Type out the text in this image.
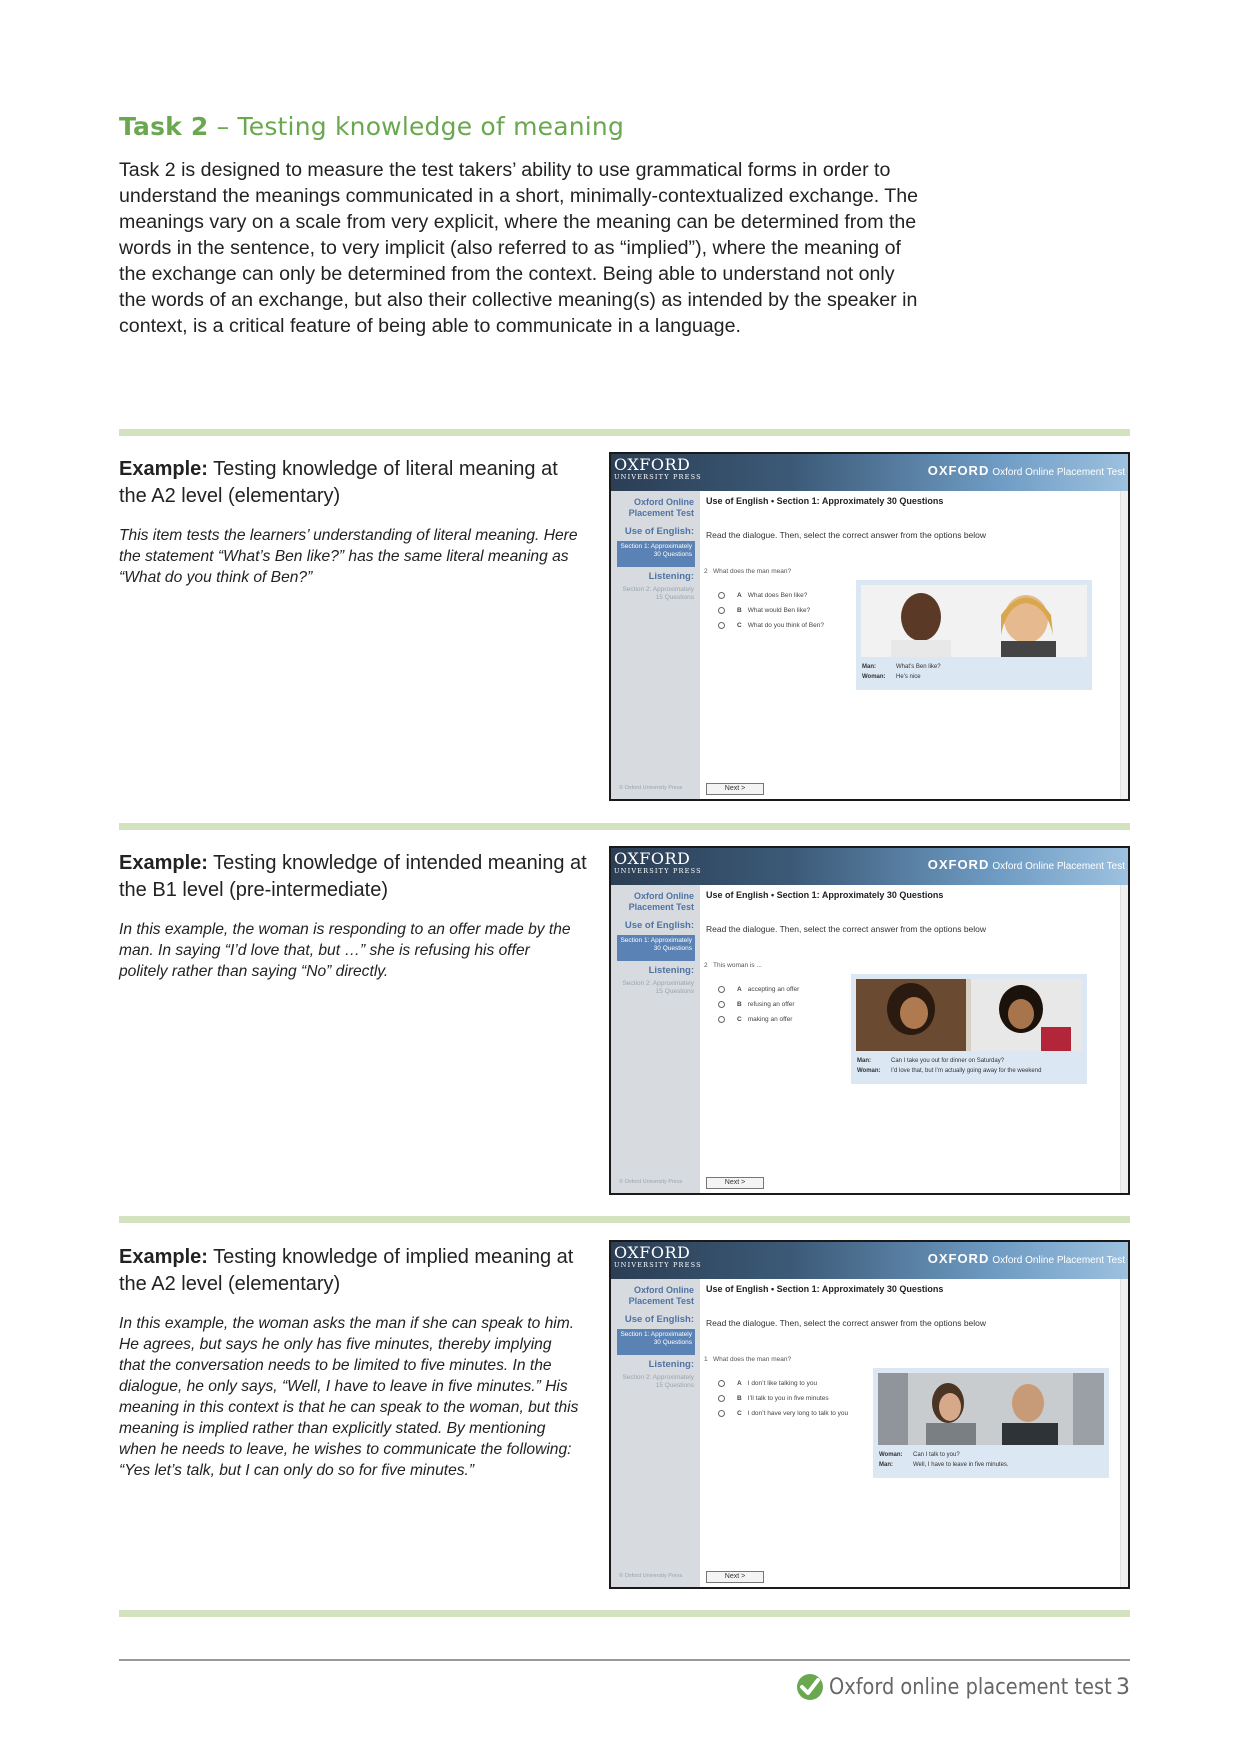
Task 2 – Testing knowledge of meaning

Task 2 is designed to measure the test takers’ ability to use grammatical forms in order to understand the meanings communicated in a short, minimally-contextualized exchange. The meanings vary on a scale from very explicit, where the meaning can be determined from the words in the sentence, to very implicit (also referred to as “implied”), where the meaning of the exchange can only be determined from the context. Being able to understand not only the words of an exchange, but also their collective meaning(s) as intended by the speaker in context, is a critical feature of being able to communicate in a language.

Example: Testing knowledge of literal meaning at the A2 level (elementary)

This item tests the learners’ understanding of literal meaning. Here the statement “What’s Ben like?” has the same literal meaning as “What do you think of Ben?”

OXFORD
UNIVERSITY PRESS	OXFORD Oxford Online Placement Test
Oxford Online Placement Test
Use of English:
Section 1: Approximately 30 Questions
Listening:
Section 2: Approximately 15 Questions
© Oxford University Press
Use of English • Section 1: Approximately 30 Questions
Read the dialogue. Then, select the correct answer from the options below
2 What does the man mean?
A What does Ben like?
B What would Ben like?
C What do you think of Ben?
Man:	What’s Ben like?
Woman: He’s nice
Next >
Example: Testing knowledge of intended meaning at the B1 level (pre-intermediate)

In this example, the woman is responding to an offer made by the man. In saying “I’d love that, but …” she is refusing his offer politely rather than saying “No” directly.

OXFORD
UNIVERSITY PRESS	OXFORD Oxford Online Placement Test
Oxford Online Placement Test
Use of English:
Section 1: Approximately 30 Questions
Listening:
Section 2: Approximately 15 Questions
© Oxford University Press
Use of English • Section 1: Approximately 30 Questions
Read the dialogue. Then, select the correct answer from the options below
2 This woman is ...
A accepting an offer
B refusing an offer
C making an offer
Man:	Can I take you out for dinner on Saturday?
Woman: I’d love that, but I’m actually going away for the weekend
Next >
Example: Testing knowledge of implied meaning at the A2 level (elementary)

In this example, the woman asks the man if she can speak to him. He agrees, but says he only has five minutes, thereby implying that the conversation needs to be limited to five minutes. In the dialogue, he only says, “Well, I have to leave in five minutes.” His meaning in this context is that he can speak to the woman, but this meaning is implied rather than explicitly stated. By mentioning when he needs to leave, he wishes to communicate the following: “Yes let’s talk, but I can only do so for five minutes.”

OXFORD
UNIVERSITY PRESS	OXFORD Oxford Online Placement Test
Oxford Online Placement Test
Use of English:
Section 1: Approximately 30 Questions
Listening:
Section 2: Approximately 15 Questions
© Oxford University Press
Use of English • Section 1: Approximately 30 Questions
Read the dialogue. Then, select the correct answer from the options below
1 What does the man mean?
A I don’t like talking to you
B I’ll talk to you in five minutes
C I don’t have very long to talk to you
Woman: Can I talk to you?
Man:	Well, I have to leave in five minutes.
Next >
Oxford online placement test 3
